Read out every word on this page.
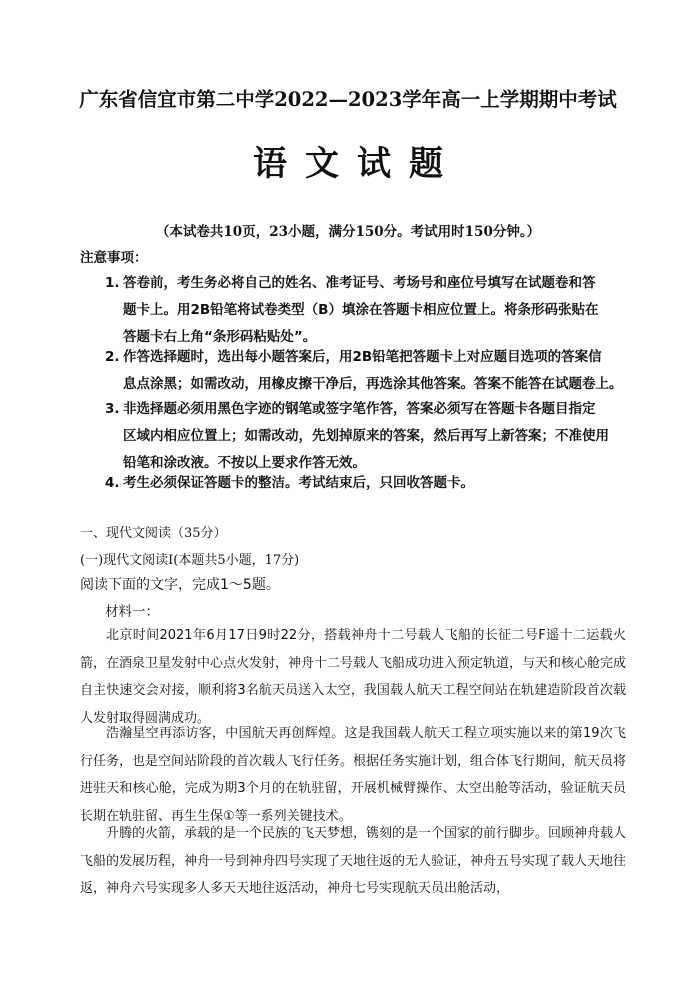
广东省信宜市第二中学2022—2023学年高一上学期期中考试
语文试题
（本试卷共10页，23小题，满分150分。考试用时150分钟。）
注意事项：
1. 答卷前，考生务必将自己的姓名、准考证号、考场号和座位号填写在试题卷和答
题卡上。用2B铅笔将试卷类型（B）填涂在答题卡相应位置上。将条形码张贴在
答题卡右上角“条形码粘贴处”。
2. 作答选择题时，选出每小题答案后，用2B铅笔把答题卡上对应题目选项的答案信
息点涂黑；如需改动，用橡皮擦干净后，再选涂其他答案。答案不能答在试题卷上。
3. 非选择题必须用黑色字迹的钢笔或签字笔作答，答案必须写在答题卡各题目指定
区域内相应位置上；如需改动，先划掉原来的答案，然后再写上新答案；不准使用
铅笔和涂改液。不按以上要求作答无效。
4. 考生必须保证答题卡的整洁。考试结束后，只回收答题卡。
一、现代文阅读（35分）
(一)现代文阅读Ⅰ(本题共5小题，17分)
阅读下面的文字，完成1～5题。
材料一：
北京时间2021年6月17日9时22分，搭载神舟十二号载人飞船的长征二号F遥十二运载火箭，在酒泉卫星发射中心点火发射，神舟十二号载人飞船成功进入预定轨道，与天和核心舱完成自主快速交会对接，顺利将3名航天员送入太空，我国载人航天工程空间站在轨建造阶段首次载人发射取得圆满成功。
浩瀚星空再添访客，中国航天再创辉煌。这是我国载人航天工程立项实施以来的第19次飞行任务，也是空间站阶段的首次载人飞行任务。根据任务实施计划，组合体飞行期间，航天员将进驻天和核心舱，完成为期3个月的在轨驻留，开展机械臂操作、太空出舱等活动，验证航天员长期在轨驻留、再生生保①等一系列关键技术。
升腾的火箭，承载的是一个民族的飞天梦想，镌刻的是一个国家的前行脚步。回顾神舟载人飞船的发展历程，神舟一号到神舟四号实现了天地往返的无人验证，神舟五号实现了载人天地往返，神舟六号实现多人多天天地往返活动，神舟七号实现航天员出舱活动，
